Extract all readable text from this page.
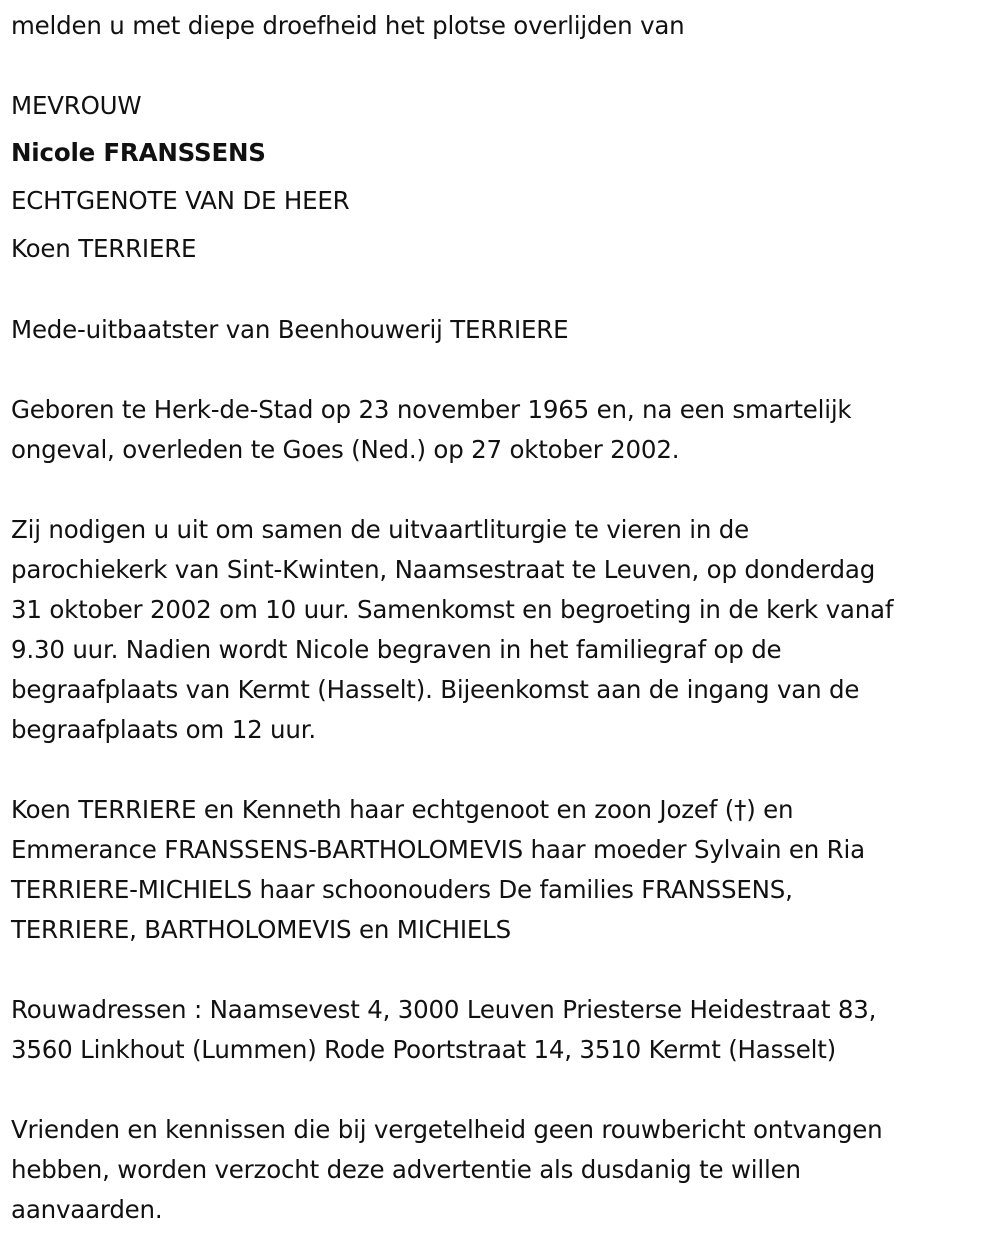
melden u met diepe droefheid het plotse overlijden van
MEVROUW
Nicole FRANSSENS
ECHTGENOTE VAN DE HEER
Koen TERRIERE
Mede-uitbaatster van Beenhouwerij TERRIERE
Geboren te Herk-de-Stad op 23 november 1965 en, na een smartelijk
ongeval, overleden te Goes (Ned.) op 27 oktober 2002.
Zij nodigen u uit om samen de uitvaartliturgie te vieren in de
parochiekerk van Sint-Kwinten, Naamsestraat te Leuven, op donderdag
31 oktober 2002 om 10 uur. Samenkomst en begroeting in de kerk vanaf
9.30 uur. Nadien wordt Nicole begraven in het familiegraf op de
begraafplaats van Kermt (Hasselt). Bijeenkomst aan de ingang van de
begraafplaats om 12 uur.
Koen TERRIERE en Kenneth haar echtgenoot en zoon Jozef (†) en
Emmerance FRANSSENS-BARTHOLOMEVIS haar moeder Sylvain en Ria
TERRIERE-MICHIELS haar schoonouders De families FRANSSENS,
TERRIERE, BARTHOLOMEVIS en MICHIELS
Rouwadressen : Naamsevest 4, 3000 Leuven Priesterse Heidestraat 83,
3560 Linkhout (Lummen) Rode Poortstraat 14, 3510 Kermt (Hasselt)
Vrienden en kennissen die bij vergetelheid geen rouwbericht ontvangen
hebben, worden verzocht deze advertentie als dusdanig te willen
aanvaarden.
